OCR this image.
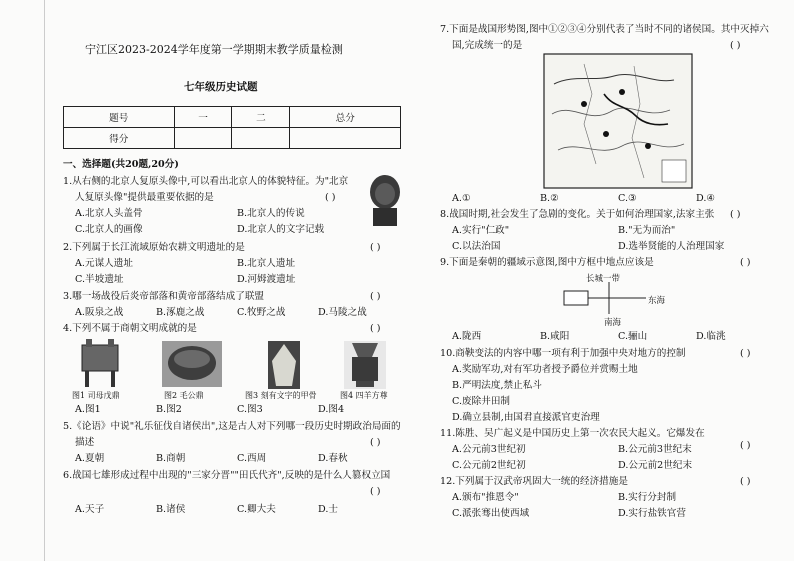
宁江区2023-2024学年度第一学期期末教学质量检测
七年级历史试题
题号	一	二	总分
得分			
一、选择题(共20题,20分)
1.从右侧的北京人复原头像中,可以看出北京人的体貌特征。为"北京
人复原头像"提供最重要依据的是	( )
A.北京人头盖骨	B.北京人的传说
C.北京人的画像	D.北京人的文字记载
2.下列属于长江流域原始农耕文明遗址的是	( )
A.元谋人遗址	B.北京人遗址
C.半坡遗址	D.河姆渡遗址
3.哪一场战役后炎帝部落和黄帝部落结成了联盟	( )
A.阪泉之战	B.涿鹿之战	C.牧野之战	D.马陵之战
4.下列不属于商朝文明成就的是	( )
图1 司母戊鼎	图2 毛公鼎	图3 刻有文字的甲骨	图4 四羊方尊
A.图1	B.图2	C.图3	D.图4
5.《论语》中说"礼乐征伐自诸侯出",这是古人对下列哪一段历史时期政治局面的
描述	( )
A.夏朝	B.商朝	C.西周	D.春秋
6.战国七雄形成过程中出现的"三家分晋""田氏代齐",反映的是什么人篡权立国
( )
A.天子	B.诸侯	C.卿大夫	D.士
7.下面是战国形势图,图中①②③④分别代表了当时不同的诸侯国。其中灭掉六
国,完成统一的是	( )
A.①	B.②	C.③	D.④
8.战国时期,社会发生了急剧的变化。关于如何治理国家,法家主张 ( )
A.实行"仁政"	B."无为而治"
C.以法治国	D.选举贤能的人治理国家
9.下面是秦朝的疆域示意图,图中方框中地点应该是	( )
长城一带
东海
南海
A.陇西	B.咸阳	C.骊山	D.临洮
10.商鞅变法的内容中哪一项有利于加强中央对地方的控制	( )
A.奖励军功,对有军功者授予爵位并赏赐土地
B.严明法度,禁止私斗
C.废除井田制
D.确立县制,由国君直接派官吏治理
11.陈胜、吴广起义是中国历史上第一次农民大起义。它爆发在
( )
A.公元前3世纪初	B.公元前3世纪末
C.公元前2世纪初	D.公元前2世纪末
12.下列属于汉武帝巩固大一统的经济措施是	( )
A.颁布"推恩令"	B.实行分封制
C.派张骞出使西域	D.实行盐铁官营
